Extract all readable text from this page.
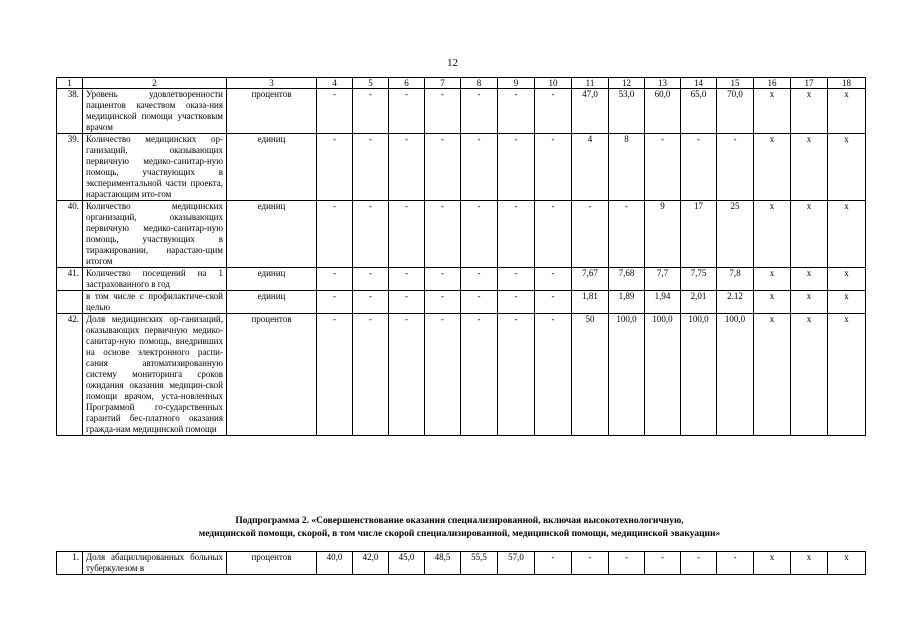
12
1	2	3	4	5	6	7	8	9	10	11	12	13	14	15	16	17	18
38.	Уровень удовлетворенности пациентов качеством оказа-ния медицинской помощи участковым врачом	процентов	-	-	-	-	-	-	-	47,0	53,0	60,0	65,0	70,0	x	x	x
39.	Количество медицинских ор-ганизаций, оказывающих первичную медико-санитар-ную помощь, участвующих в экспериментальной части проекта, нарастающим ито-гом	единиц	-	-	-	-	-	-	-	4	8	-	-	-	x	x	x
40.	Количество медицинских организаций, оказывающих первичную медико-санитар-ную помощь, участвующих в тиражировании, нарастаю-щим итогом	единиц	-	-	-	-	-	-	-	-	-	9	17	25	x	x	x
41.	Количество посещений на 1 застрахованного в год	единиц	-	-	-	-	-	-	-	7,67	7,68	7,7	7,75	7,8	x	x	x
	в том числе с профилактиче-ской целью	единиц	-	-	-	-	-	-	-	1,81	1,89	1,94	2,01	2.12	x	x	x
42.	Доля медицинских ор-ганизаций, оказывающих первичную медико-санитар-ную помощь, внедривших на основе электронного распи-сания автоматизированную систему мониторинга сроков ожидания оказания медицин-ской помощи врачом, уста-новленных Программой го-сударственных гарантий бес-платного оказания гражда-нам медицинской помощи	процентов	-	-	-	-	-	-	-	50	100,0	100,0	100,0	100,0	x	x	x
Подпрограмма 2. «Совершенствование оказания специализированной, включая высокотехнологичную,
медицинской помощи, скорой, в том числе скорой специализированной, медицинской помощи, медицинской эвакуации»
1.	Доля абациллированных больных туберкулезом в	процентов	40,0	42,0	45,0	48,5	55,5	57,0	-	-	-	-	-	-	x	x	x
